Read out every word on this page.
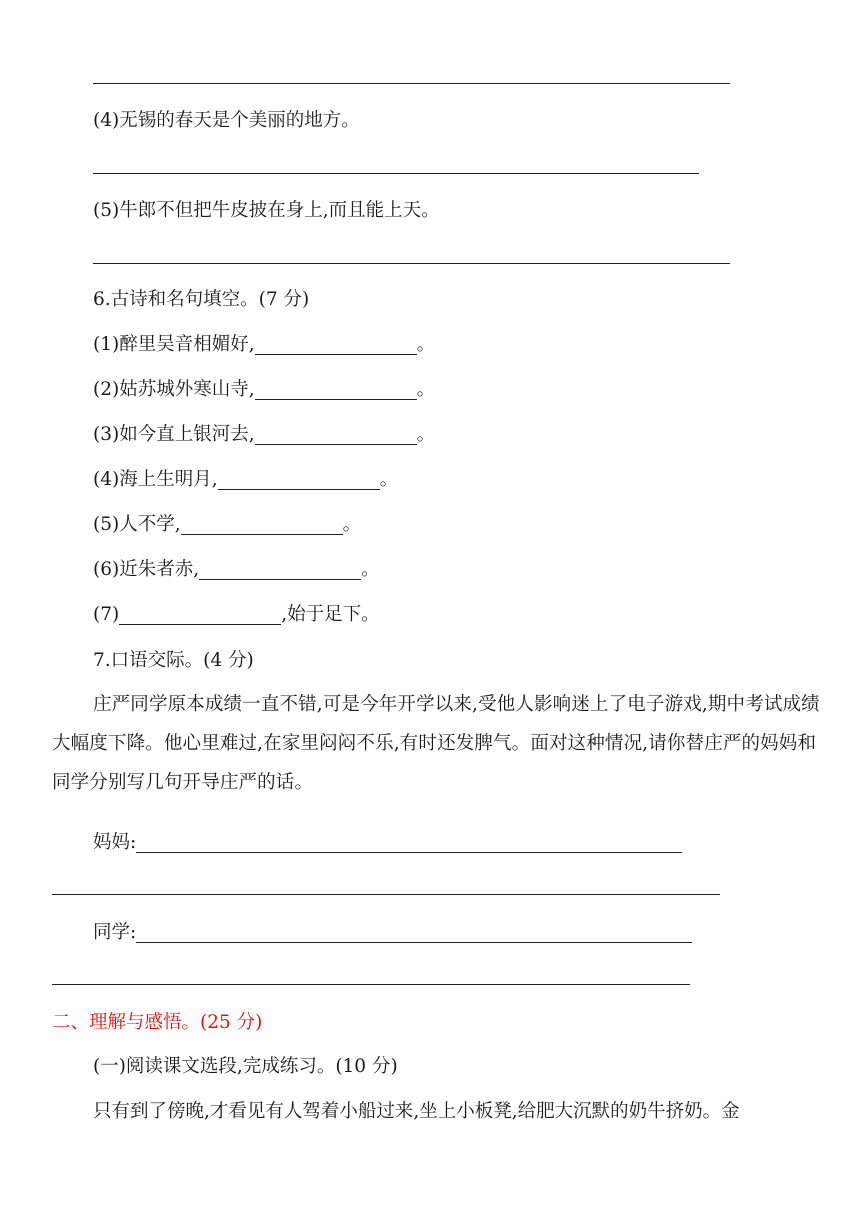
(4)无锡的春天是个美丽的地方。
(5)牛郎不但把牛皮披在身上,而且能上天。
6.古诗和名句填空。(7 分)
(1)醉里吴音相媚好,	。
(2)姑苏城外寒山寺,	。
(3)如今直上银河去,	。
(4)海上生明月,	。
(5)人不学,	。
(6)近朱者赤,	。
(7)	,始于足下。
7.口语交际。(4 分)
庄严同学原本成绩一直不错,可是今年开学以来,受他人影响迷上了电子游戏,期中考试成绩大幅度下降。他心里难过,在家里闷闷不乐,有时还发脾气。面对这种情况,请你替庄严的妈妈和同学分别写几句开导庄严的话。
妈妈:
同学:
二、理解与感悟。(25 分)
(一)阅读课文选段,完成练习。(10 分)
只有到了傍晚,才看见有人驾着小船过来,坐上小板凳,给肥大沉默的奶牛挤奶。金
